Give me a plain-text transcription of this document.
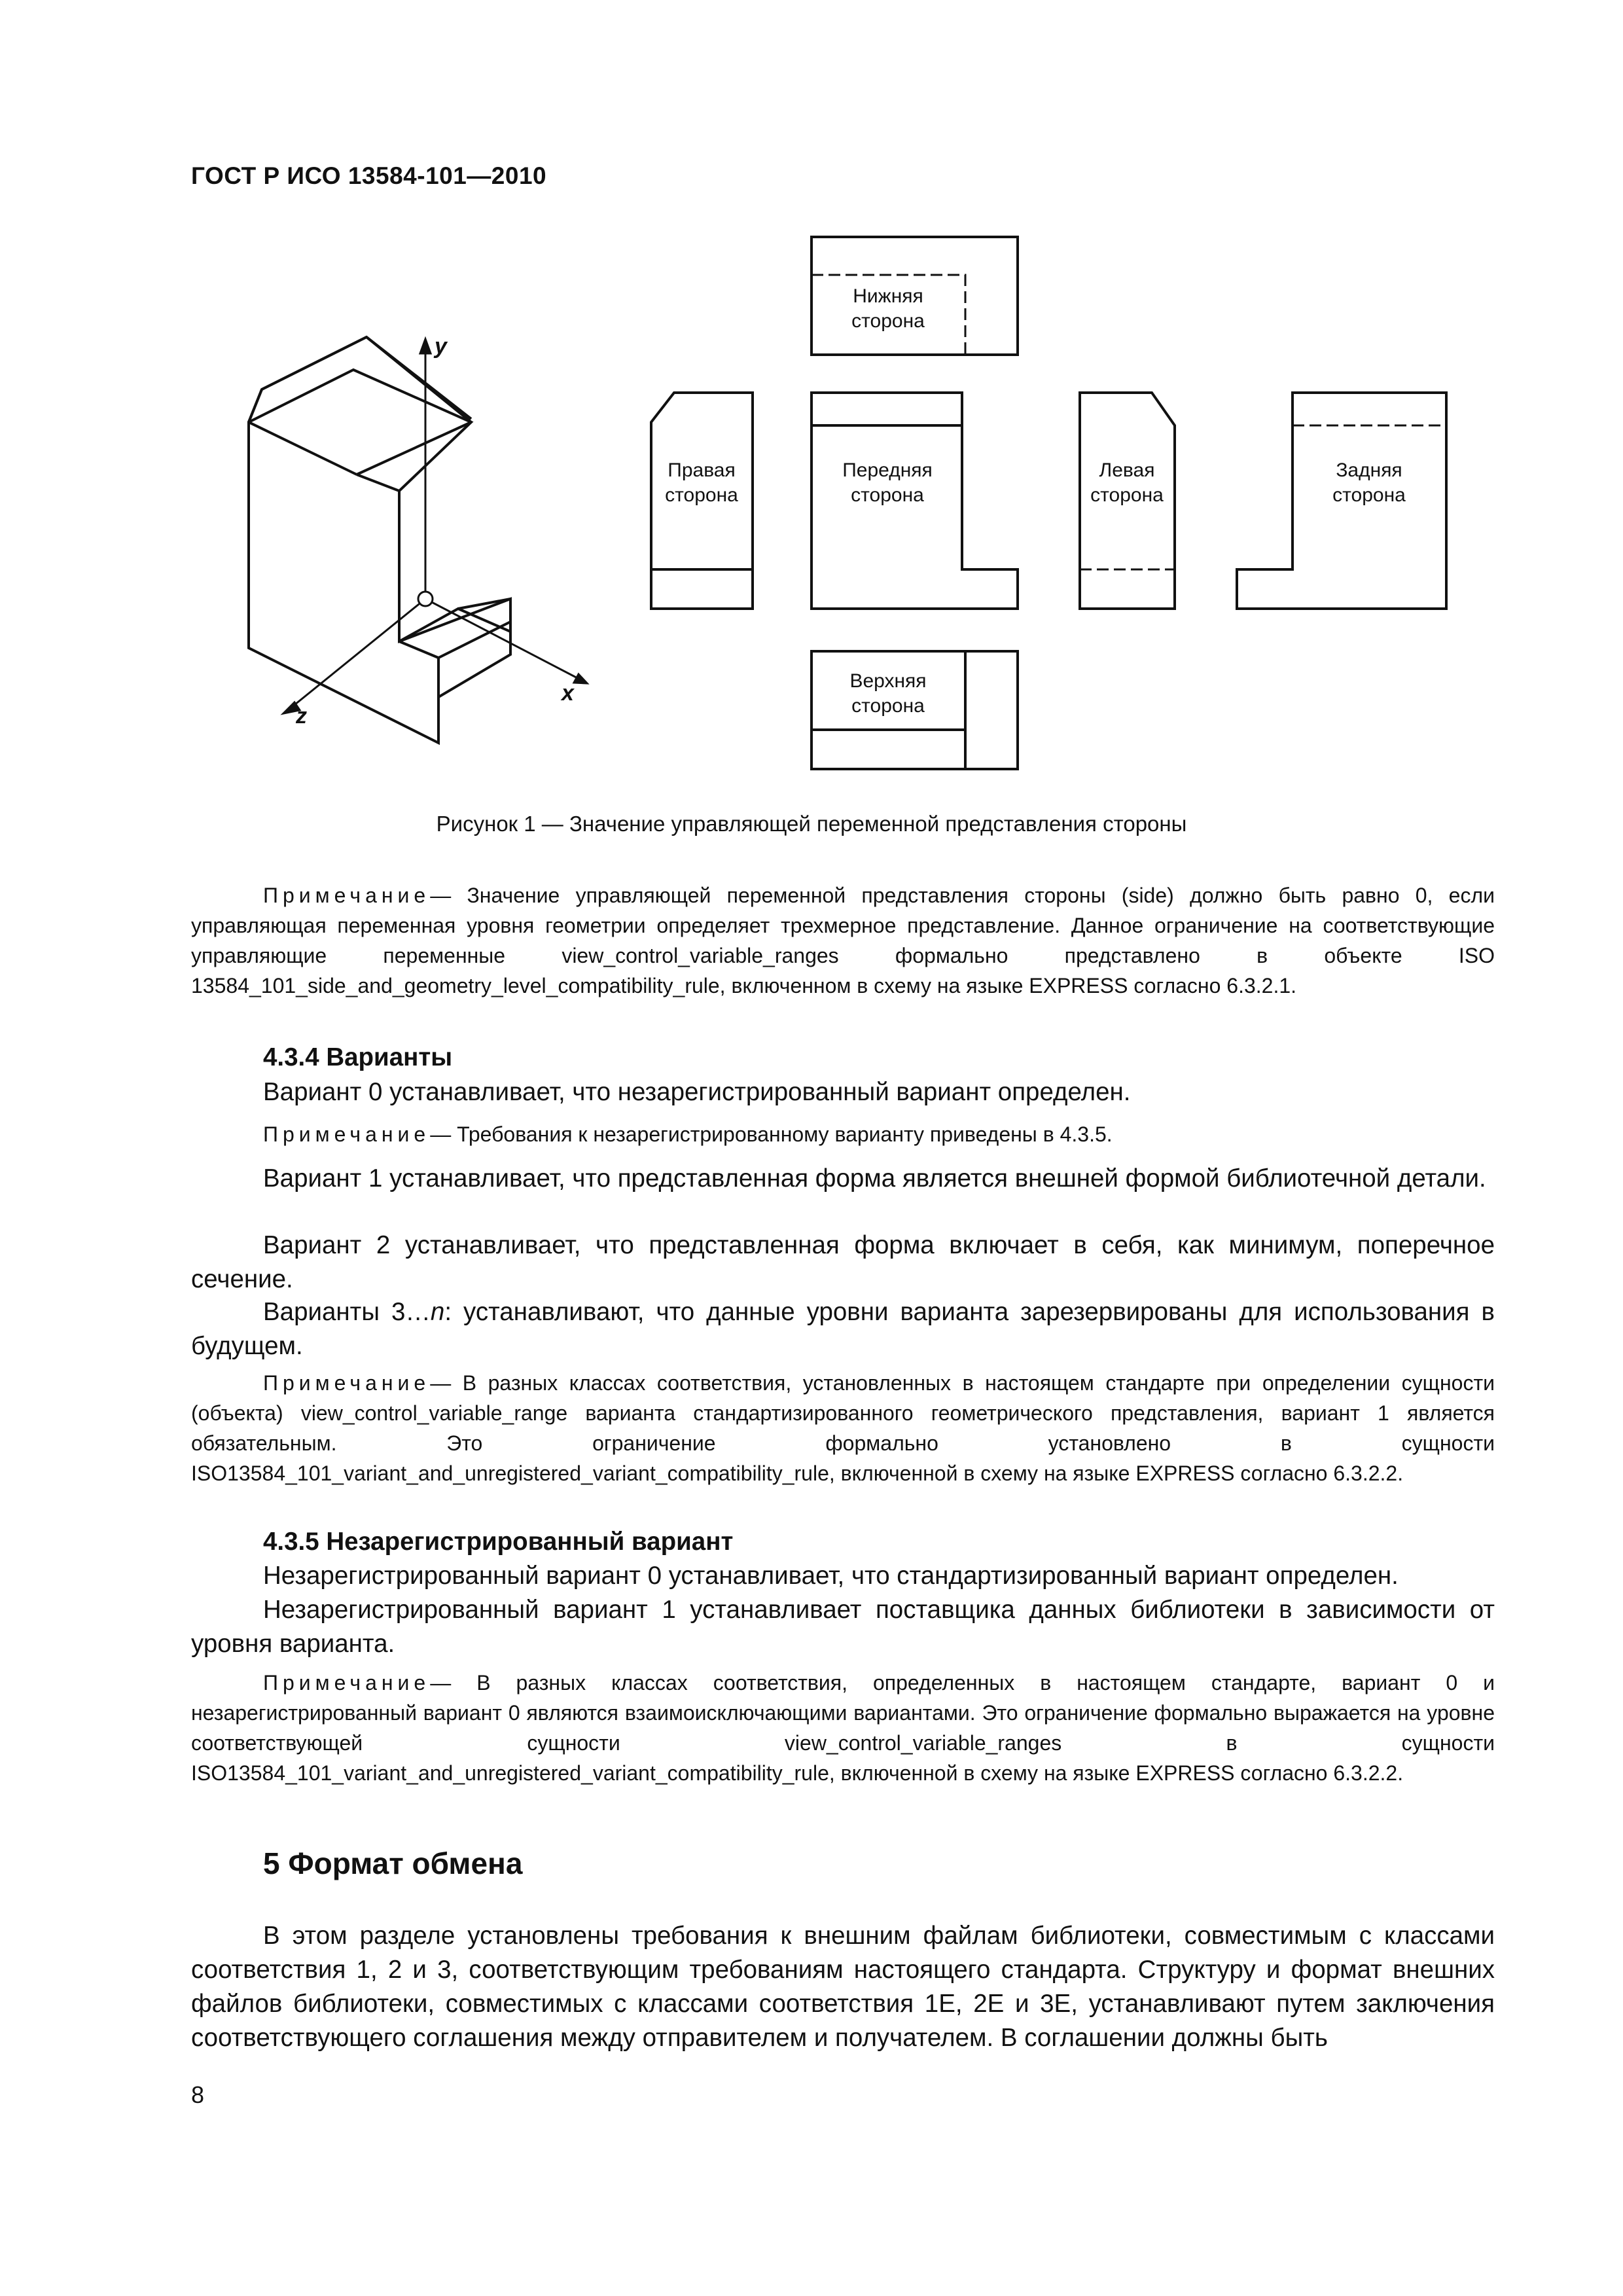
ГОСТ Р ИСО 13584-101—2010
y
z
x
Нижняя
сторона
Правая
сторона
Передняя
сторона
Левая
сторона
Задняя
сторона
Верхняя
сторона
Рисунок 1 — Значение управляющей переменной представления стороны
Примечание— Значение управляющей переменной представления стороны (side) должно быть равно 0, если управляющая переменная уровня геометрии определяет трехмерное представление. Данное ограничение на соответствующие управляющие переменные view_control_variable_ranges формально представлено в объекте ISO 13584_101_side_and_geometry_level_compatibility_rule, включенном в схему на языке EXPRESS согласно 6.3.2.1.
4.3.4 Варианты
Вариант 0 устанавливает, что незарегистрированный вариант определен.
Примечание— Требования к незарегистрированному варианту приведены в 4.3.5.
Вариант 1 устанавливает, что представленная форма является внешней формой библиотечной детали.
Вариант 2 устанавливает, что представленная форма включает в себя, как минимум, поперечное сечение.
Варианты 3…n: устанавливают, что данные уровни варианта зарезервированы для использования в будущем.
Примечание— В разных классах соответствия, установленных в настоящем стандарте при определении сущности (объекта) view_control_variable_range варианта стандартизированного геометрического представления, вариант 1 является обязательным. Это ограничение формально установлено в сущности ISO13584_101_variant_and_unregistered_variant_compatibility_rule, включенной в схему на языке EXPRESS согласно 6.3.2.2.
4.3.5 Незарегистрированный вариант
Незарегистрированный вариант 0 устанавливает, что стандартизированный вариант определен.
Незарегистрированный вариант 1 устанавливает поставщика данных библиотеки в зависимости от уровня варианта.
Примечание— В разных классах соответствия, определенных в настоящем стандарте, вариант 0 и незарегистрированный вариант 0 являются взаимоисключающими вариантами. Это ограничение формально выражается на уровне соответствующей сущности view_control_variable_ranges в сущности ISO13584_101_variant_and_unregistered_variant_compatibility_rule, включенной в схему на языке EXPRESS согласно 6.3.2.2.
5 Формат обмена
В этом разделе установлены требования к внешним файлам библиотеки, совместимым с классами соответствия 1, 2 и 3, соответствующим требованиям настоящего стандарта. Структуру и формат внешних файлов библиотеки, совместимых с классами соответствия 1E, 2E и 3E, устанавливают путем заключения соответствующего соглашения между отправителем и получателем. В соглашении должны быть
8
